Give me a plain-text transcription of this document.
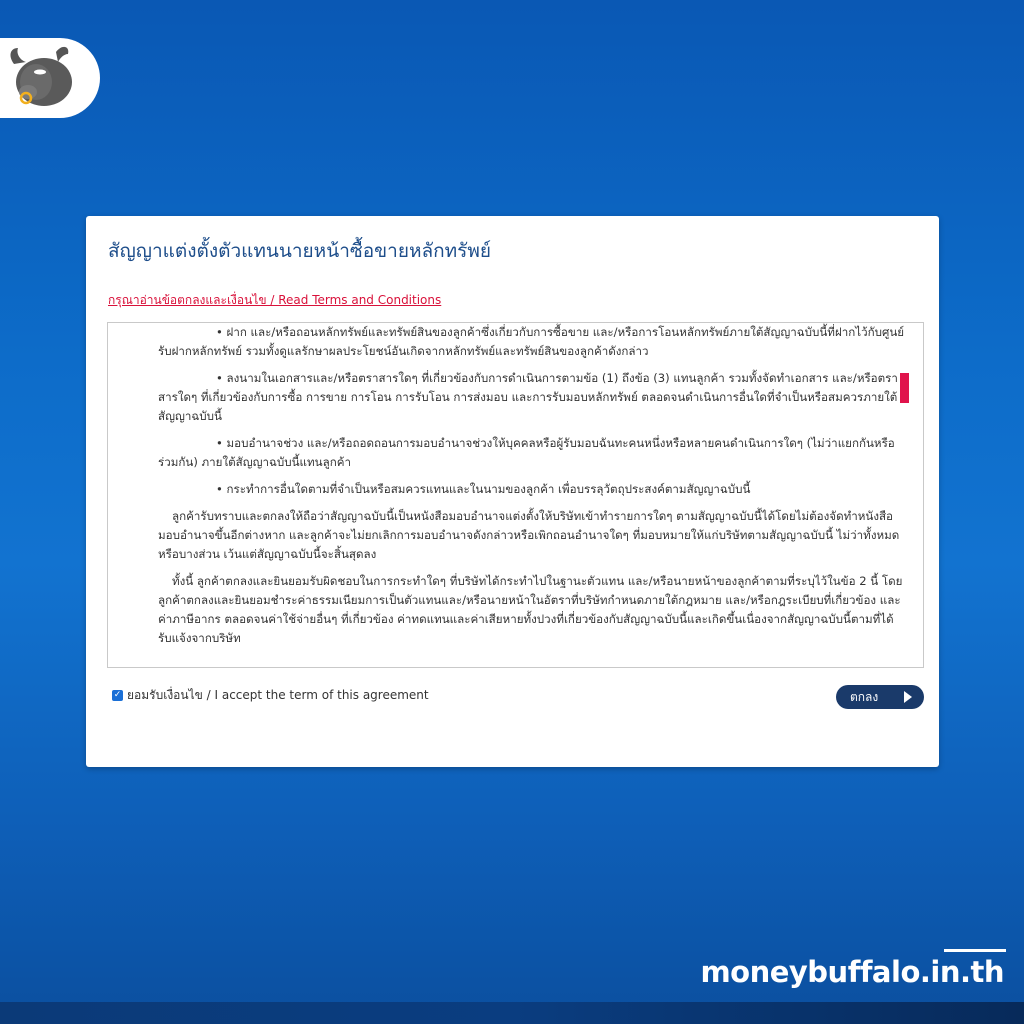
สัญญาแต่งตั้งตัวแทนนายหน้าซื้อขายหลักทรัพย์
กรุณาอ่านข้อตกลงและเงื่อนไข / Read Terms and Conditions

• ฝาก และ/หรือถอนหลักทรัพย์และทรัพย์สินของลูกค้าซึ่งเกี่ยวกับการซื้อขาย และ/หรือการโอนหลักทรัพย์ภายใต้สัญญาฉบับนี้ที่ฝากไว้กับศูนย์รับฝากหลักทรัพย์ รวมทั้งดูแลรักษาผลประโยชน์อันเกิดจากหลักทรัพย์และทรัพย์สินของลูกค้าดังกล่าว

• ลงนามในเอกสารและ/หรือตราสารใดๆ ที่เกี่ยวข้องกับการดำเนินการตามข้อ (1) ถึงข้อ (3) แทนลูกค้า รวมทั้งจัดทำเอกสาร และ/หรือตราสารใดๆ ที่เกี่ยวข้องกับการซื้อ การขาย การโอน การรับโอน การส่งมอบ และการรับมอบหลักทรัพย์ ตลอดจนดำเนินการอื่นใดที่จำเป็นหรือสมควรภายใต้สัญญาฉบับนี้

• มอบอำนาจช่วง และ/หรือถอดถอนการมอบอำนาจช่วงให้บุคคลหรือผู้รับมอบฉันทะคนหนึ่งหรือหลายคนดำเนินการใดๆ (ไม่ว่าแยกกันหรือร่วมกัน) ภายใต้สัญญาฉบับนี้แทนลูกค้า

• กระทำการอื่นใดตามที่จำเป็นหรือสมควรแทนและในนามของลูกค้า เพื่อบรรลุวัตถุประสงค์ตามสัญญาฉบับนี้

ลูกค้ารับทราบและตกลงให้ถือว่าสัญญาฉบับนี้เป็นหนังสือมอบอำนาจแต่งตั้งให้บริษัทเข้าทำรายการใดๆ ตามสัญญาฉบับนี้ได้โดยไม่ต้องจัดทำหนังสือมอบอำนาจขึ้นอีกต่างหาก และลูกค้าจะไม่ยกเลิกการมอบอำนาจดังกล่าวหรือเพิกถอนอำนาจใดๆ ที่มอบหมายให้แก่บริษัทตามสัญญาฉบับนี้ ไม่ว่าทั้งหมดหรือบางส่วน เว้นแต่สัญญาฉบับนี้จะสิ้นสุดลง

ทั้งนี้ ลูกค้าตกลงและยินยอมรับผิดชอบในการกระทำใดๆ ที่บริษัทได้กระทำไปในฐานะตัวแทน และ/หรือนายหน้าของลูกค้าตามที่ระบุไว้ในข้อ 2 นี้ โดยลูกค้าตกลงและยินยอมชำระค่าธรรมเนียมการเป็นตัวแทนและ/หรือนายหน้าในอัตราที่บริษัทกำหนดภายใต้กฎหมาย และ/หรือกฎระเบียบที่เกี่ยวข้อง และค่าภาษีอากร ตลอดจนค่าใช้จ่ายอื่นๆ ที่เกี่ยวข้อง ค่าทดแทนและค่าเสียหายทั้งปวงที่เกี่ยวข้องกับสัญญาฉบับนี้และเกิดขึ้นเนื่องจากสัญญาฉบับนี้ตามที่ได้รับแจ้งจากบริษัท

✓ ยอมรับเงื่อนไข / I accept the term of this agreement	ตกลง
moneybuffalo.in.th
